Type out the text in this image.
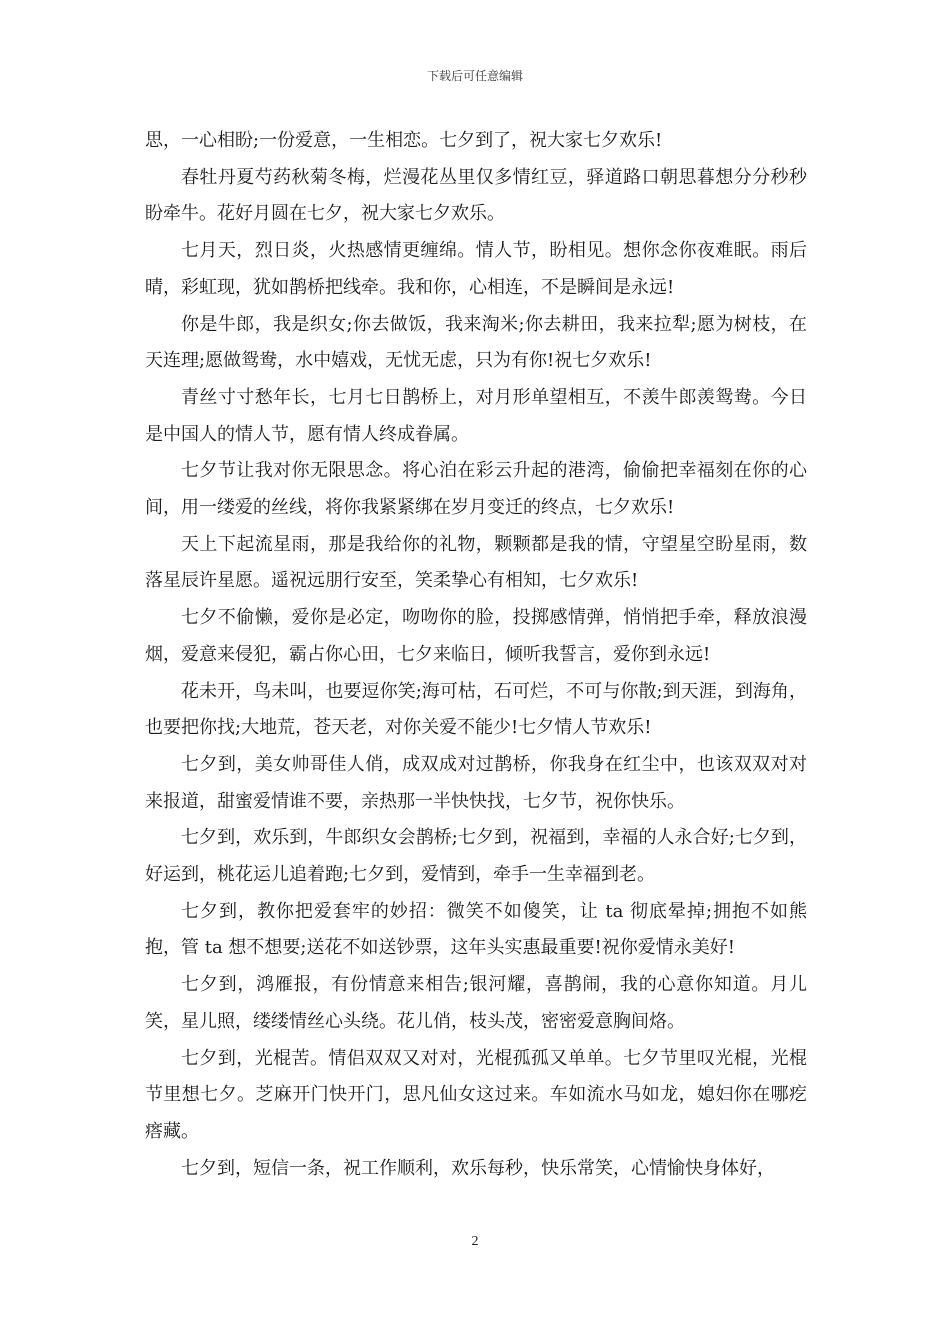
下载后可任意编辑

思，一心相盼;一份爱意，一生相恋。七夕到了，祝大家七夕欢乐!

春牡丹夏芍药秋菊冬梅，烂漫花丛里仅多情红豆，驿道路口朝思暮想分分秒秒盼牵牛。花好月圆在七夕，祝大家七夕欢乐。

七月天，烈日炎，火热感情更缠绵。情人节，盼相见。想你念你夜难眠。雨后晴，彩虹现，犹如鹊桥把线牵。我和你，心相连，不是瞬间是永远!

你是牛郎，我是织女;你去做饭，我来淘米;你去耕田，我来拉犁;愿为树枝，在天连理;愿做鸳鸯，水中嬉戏，无忧无虑，只为有你!祝七夕欢乐!

青丝寸寸愁年长，七月七日鹊桥上，对月形单望相互，不羡牛郎羡鸳鸯。今日是中国人的情人节，愿有情人终成眷属。

七夕节让我对你无限思念。将心泊在彩云升起的港湾，偷偷把幸福刻在你的心间，用一缕爱的丝线，将你我紧紧绑在岁月变迁的终点，七夕欢乐!

天上下起流星雨，那是我给你的礼物，颗颗都是我的情，守望星空盼星雨，数落星辰许星愿。遥祝远朋行安至，笑柔挚心有相知，七夕欢乐!

七夕不偷懒，爱你是必定，吻吻你的脸，投掷感情弹，悄悄把手牵，释放浪漫烟，爱意来侵犯，霸占你心田，七夕来临日，倾听我誓言，爱你到永远!

花未开，鸟未叫，也要逗你笑;海可枯，石可烂，不可与你散;到天涯，到海角，也要把你找;大地荒，苍天老，对你关爱不能少!七夕情人节欢乐!

七夕到，美女帅哥佳人俏，成双成对过鹊桥，你我身在红尘中，也该双双对对来报道，甜蜜爱情谁不要，亲热那一半快快找，七夕节，祝你快乐。

七夕到，欢乐到，牛郎织女会鹊桥;七夕到，祝福到，幸福的人永合好;七夕到，好运到，桃花运儿追着跑;七夕到，爱情到，牵手一生幸福到老。

七夕到，教你把爱套牢的妙招：微笑不如傻笑，让 ta 彻底晕掉;拥抱不如熊抱，管 ta 想不想要;送花不如送钞票，这年头实惠最重要!祝你爱情永美好!

七夕到，鸿雁报，有份情意来相告;银河耀，喜鹊闹，我的心意你知道。月儿笑，星儿照，缕缕情丝心头绕。花儿俏，枝头茂，密密爱意胸间烙。

七夕到，光棍苦。情侣双双又对对，光棍孤孤又单单。七夕节里叹光棍，光棍节里想七夕。芝麻开门快开门，思凡仙女这过来。车如流水马如龙，媳妇你在哪疙瘩藏。

七夕到，短信一条，祝工作顺利，欢乐每秒，快乐常笑，心情愉快身体好，

2
